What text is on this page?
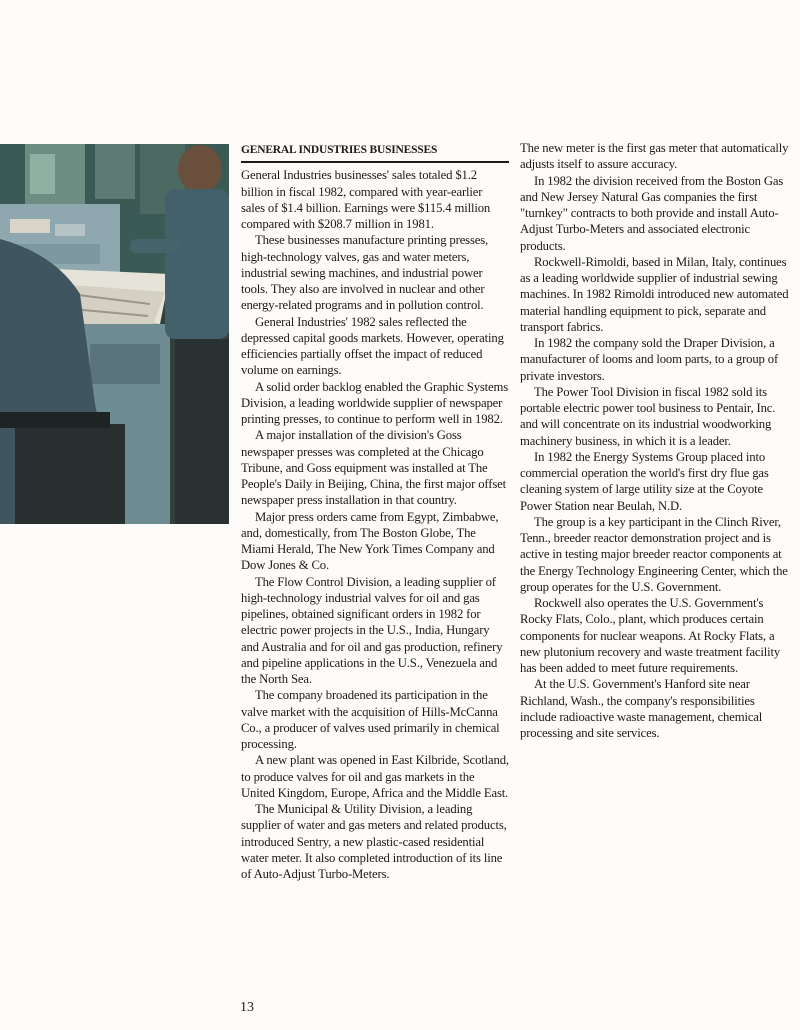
GENERAL INDUSTRIES BUSINESSES

General Industries businesses' sales totaled $1.2 billion in fiscal 1982, compared with year-earlier sales of $1.4 billion. Earnings were $115.4 million compared with $208.7 million in 1981.

These businesses manufacture printing presses, high-technology valves, gas and water meters, industrial sewing machines, and industrial power tools. They also are involved in nuclear and other energy-related programs and in pollution control.

General Industries' 1982 sales reflected the depressed capital goods markets. However, operating efficiencies partially offset the impact of reduced volume on earnings.

A solid order backlog enabled the Graphic Systems Division, a leading worldwide supplier of newspaper printing presses, to continue to perform well in 1982.

A major installation of the division's Goss newspaper presses was completed at the Chicago Tribune, and Goss equipment was installed at The People's Daily in Beijing, China, the first major offset newspaper press installation in that country.

Major press orders came from Egypt, Zimbabwe, and, domestically, from The Boston Globe, The Miami Herald, The New York Times Company and Dow Jones & Co.

The Flow Control Division, a leading supplier of high-technology industrial valves for oil and gas pipelines, obtained significant orders in 1982 for electric power projects in the U.S., India, Hungary and Australia and for oil and gas production, refinery and pipeline applications in the U.S., Venezuela and the North Sea.

The company broadened its participation in the valve market with the acquisition of Hills-McCanna Co., a producer of valves used primarily in chemical processing.

A new plant was opened in East Kilbride, Scotland, to produce valves for oil and gas markets in the United Kingdom, Europe, Africa and the Middle East.

The Municipal & Utility Division, a leading supplier of water and gas meters and related products, introduced Sentry, a new plastic-cased residential water meter. It also completed introduction of its line of Auto-Adjust Turbo-Meters.

The new meter is the first gas meter that automatically adjusts itself to assure accuracy.

In 1982 the division received from the Boston Gas and New Jersey Natural Gas companies the first "turnkey" contracts to both provide and install Auto-Adjust Turbo-Meters and associated electronic products.

Rockwell-Rimoldi, based in Milan, Italy, continues as a leading worldwide supplier of industrial sewing machines. In 1982 Rimoldi introduced new automated material handling equipment to pick, separate and transport fabrics.

In 1982 the company sold the Draper Division, a manufacturer of looms and loom parts, to a group of private investors.

The Power Tool Division in fiscal 1982 sold its portable electric power tool business to Pentair, Inc. and will concentrate on its industrial woodworking machinery business, in which it is a leader.

In 1982 the Energy Systems Group placed into commercial operation the world's first dry flue gas cleaning system of large utility size at the Coyote Power Station near Beulah, N.D.

The group is a key participant in the Clinch River, Tenn., breeder reactor demonstration project and is active in testing major breeder reactor components at the Energy Technology Engineering Center, which the group operates for the U.S. Government.

Rockwell also operates the U.S. Government's Rocky Flats, Colo., plant, which produces certain components for nuclear weapons. At Rocky Flats, a new plutonium recovery and waste treatment facility has been added to meet future requirements.

At the U.S. Government's Hanford site near Richland, Wash., the company's responsibilities include radioactive waste management, chemical processing and site services.

13
